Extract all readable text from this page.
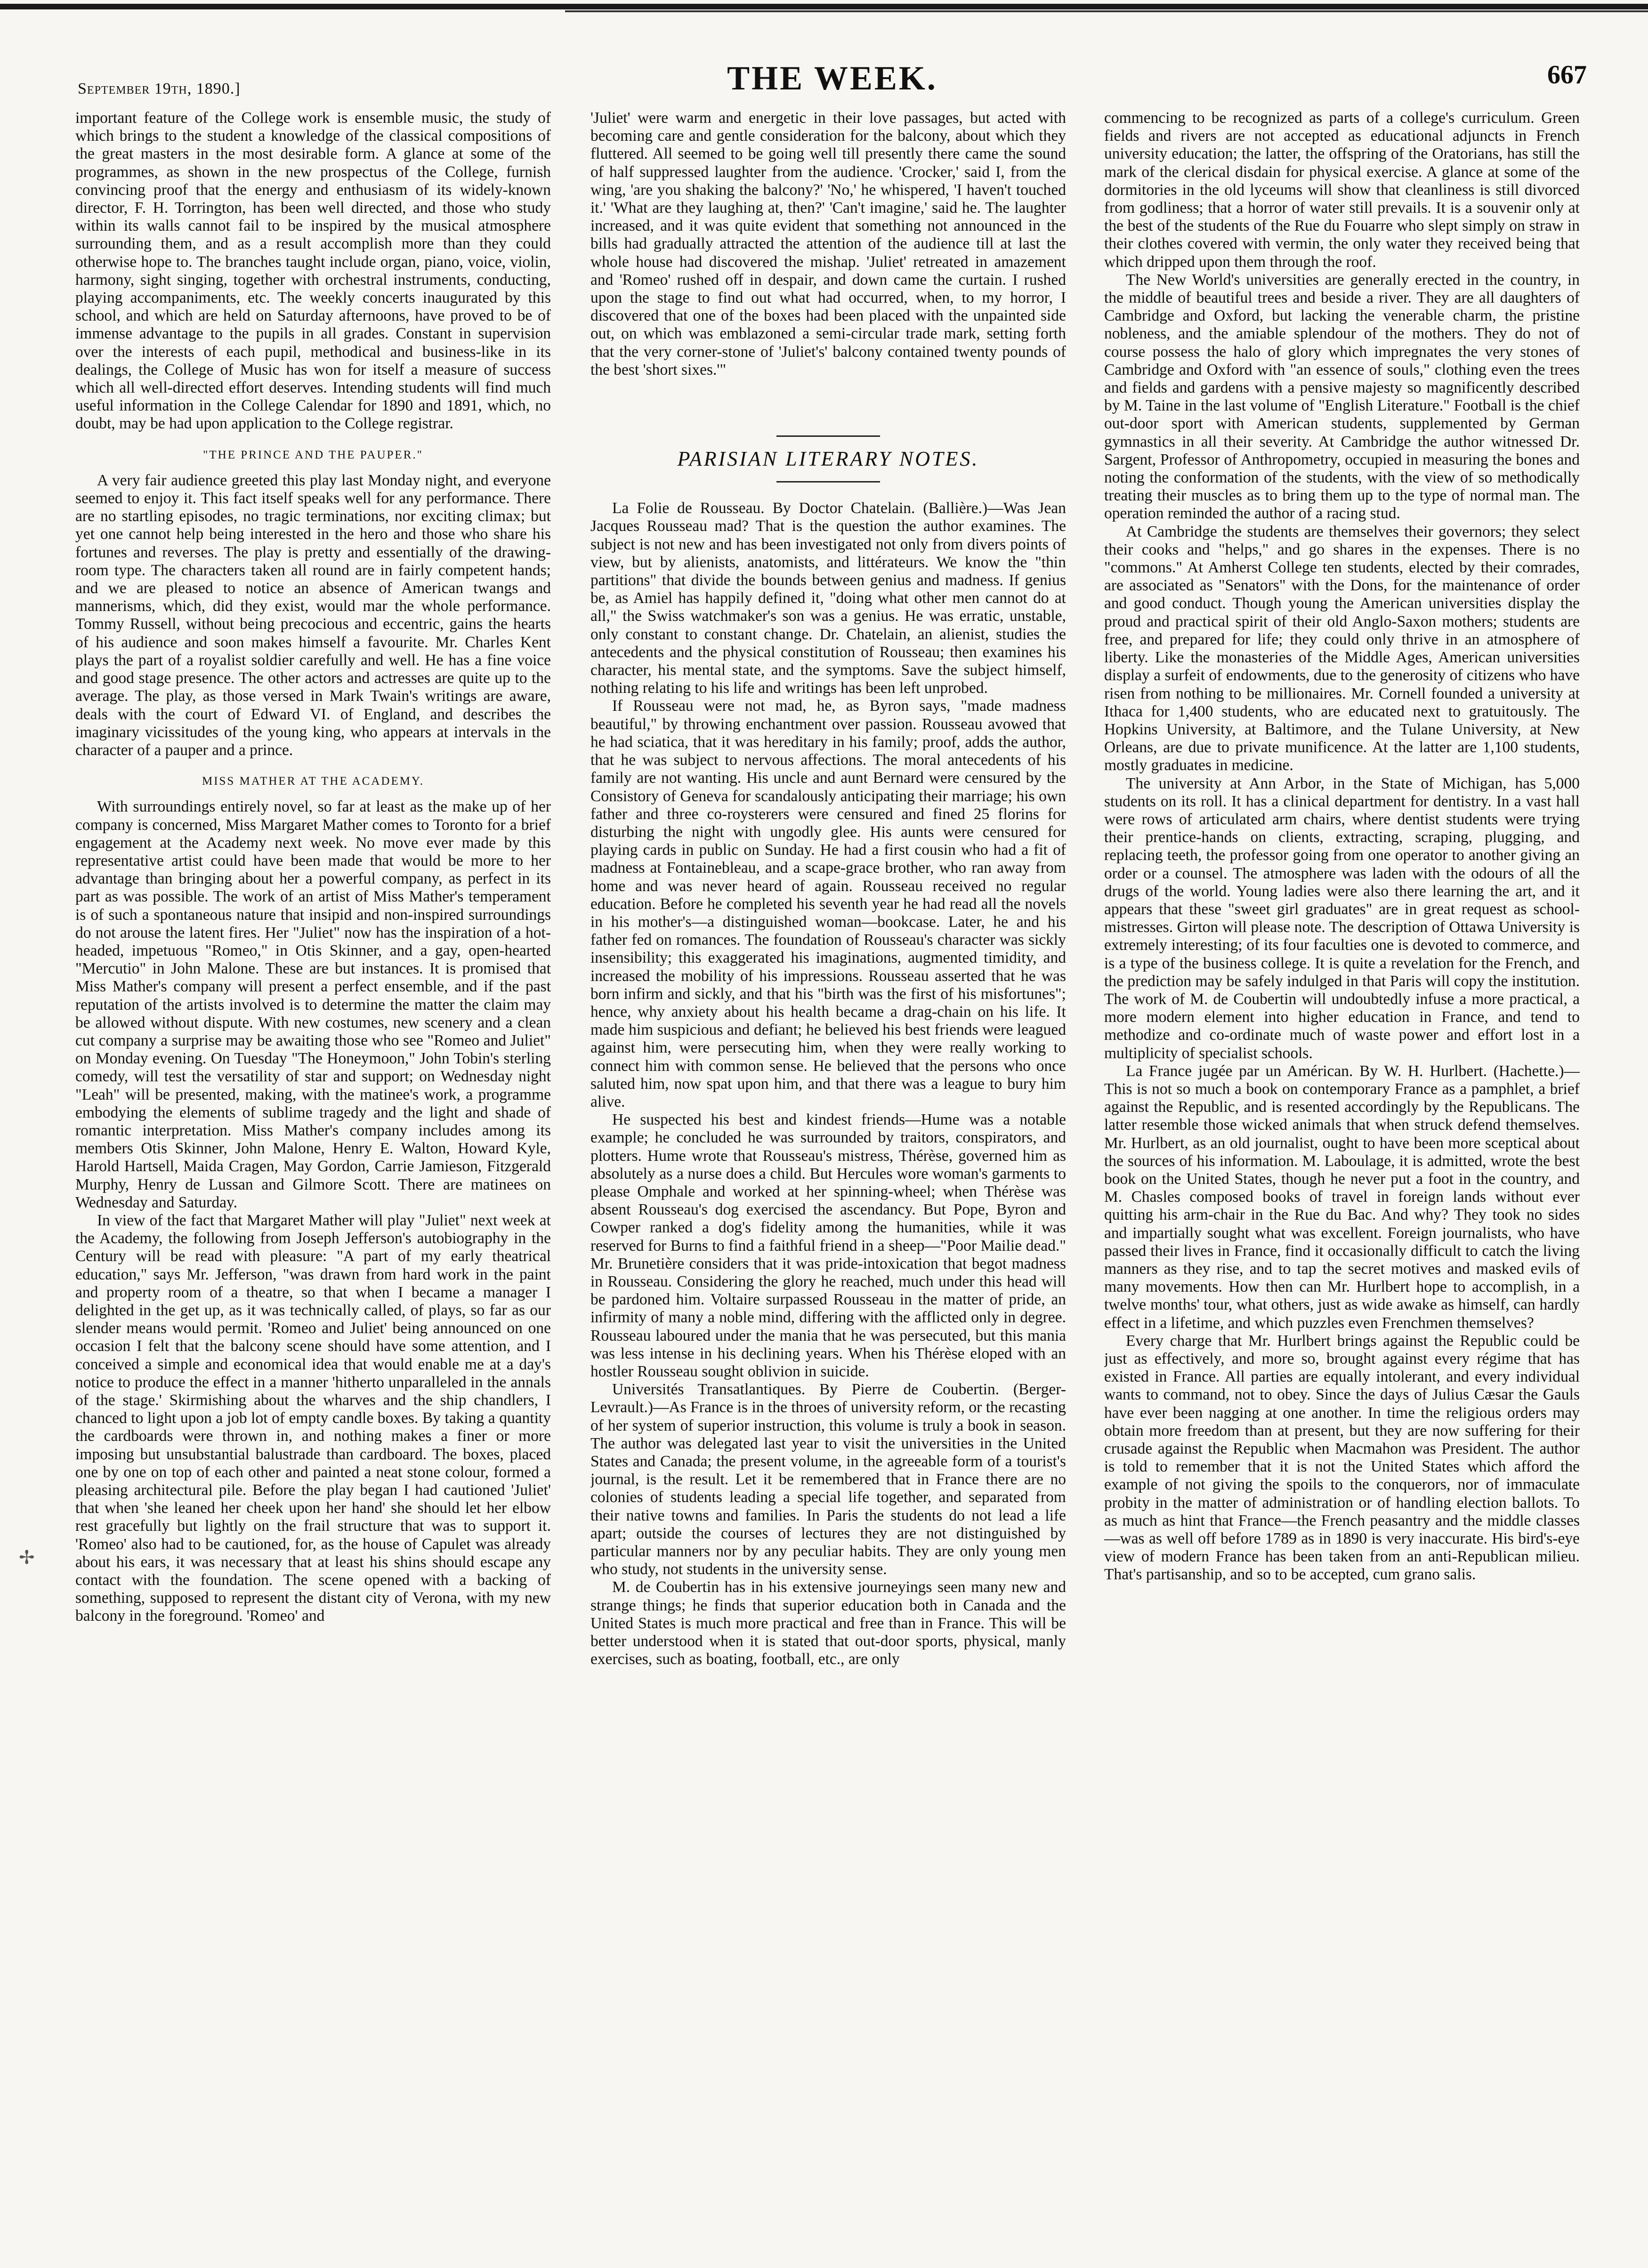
September 19th, 1890.]	THE WEEK.	667
✢

important feature of the College work is ensemble music, the study of which brings to the student a knowledge of the classical compositions of the great masters in the most desirable form. A glance at some of the programmes, as shown in the new prospectus of the College, furnish convincing proof that the energy and enthusiasm of its widely-known director, F. H. Torrington, has been well directed, and those who study within its walls cannot fail to be inspired by the musical atmosphere surrounding them, and as a result accomplish more than they could otherwise hope to. The branches taught include organ, piano, voice, violin, harmony, sight singing, together with orchestral instruments, conducting, playing accompaniments, etc. The weekly concerts inaugurated by this school, and which are held on Saturday afternoons, have proved to be of immense advantage to the pupils in all grades. Constant in supervision over the interests of each pupil, methodical and business-like in its dealings, the College of Music has won for itself a measure of success which all well-directed effort deserves. Intending students will find much useful information in the College Calendar for 1890 and 1891, which, no doubt, may be had upon application to the College registrar.

"THE PRINCE AND THE PAUPER."

A very fair audience greeted this play last Monday night, and everyone seemed to enjoy it. This fact itself speaks well for any performance. There are no startling episodes, no tragic terminations, nor exciting climax; but yet one cannot help being interested in the hero and those who share his fortunes and reverses. The play is pretty and essentially of the drawing-room type. The characters taken all round are in fairly competent hands; and we are pleased to notice an absence of American twangs and mannerisms, which, did they exist, would mar the whole performance. Tommy Russell, without being precocious and eccentric, gains the hearts of his audience and soon makes himself a favourite. Mr. Charles Kent plays the part of a royalist soldier carefully and well. He has a fine voice and good stage presence. The other actors and actresses are quite up to the average. The play, as those versed in Mark Twain's writings are aware, deals with the court of Edward VI. of England, and describes the imaginary vicissitudes of the young king, who appears at intervals in the character of a pauper and a prince.

MISS MATHER AT THE ACADEMY.

With surroundings entirely novel, so far at least as the make up of her company is concerned, Miss Margaret Mather comes to Toronto for a brief engagement at the Academy next week. No move ever made by this representative artist could have been made that would be more to her advantage than bringing about her a powerful company, as perfect in its part as was possible. The work of an artist of Miss Mather's temperament is of such a spontaneous nature that insipid and non-inspired surroundings do not arouse the latent fires. Her "Juliet" now has the inspiration of a hot-headed, impetuous "Romeo," in Otis Skinner, and a gay, open-hearted "Mercutio" in John Malone. These are but instances. It is promised that Miss Mather's company will present a perfect ensemble, and if the past reputation of the artists involved is to determine the matter the claim may be allowed without dispute. With new costumes, new scenery and a clean cut company a surprise may be awaiting those who see "Romeo and Juliet" on Monday evening. On Tuesday "The Honeymoon," John Tobin's sterling comedy, will test the versatility of star and support; on Wednesday night "Leah" will be presented, making, with the matinee's work, a programme embodying the elements of sublime tragedy and the light and shade of romantic interpretation. Miss Mather's company includes among its members Otis Skinner, John Malone, Henry E. Walton, Howard Kyle, Harold Hartsell, Maida Cragen, May Gordon, Carrie Jamieson, Fitzgerald Murphy, Henry de Lussan and Gilmore Scott. There are matinees on Wednesday and Saturday.

In view of the fact that Margaret Mather will play "Juliet" next week at the Academy, the following from Joseph Jefferson's autobiography in the Century will be read with pleasure: "A part of my early theatrical education," says Mr. Jefferson, "was drawn from hard work in the paint and property room of a theatre, so that when I became a manager I delighted in the get up, as it was technically called, of plays, so far as our slender means would permit. 'Romeo and Juliet' being announced on one occasion I felt that the balcony scene should have some attention, and I conceived a simple and economical idea that would enable me at a day's notice to produce the effect in a manner 'hitherto unparalleled in the annals of the stage.' Skirmishing about the wharves and the ship chandlers, I chanced to light upon a job lot of empty candle boxes. By taking a quantity the cardboards were thrown in, and nothing makes a finer or more imposing but unsubstantial balustrade than cardboard. The boxes, placed one by one on top of each other and painted a neat stone colour, formed a pleasing architectural pile. Before the play began I had cautioned 'Juliet' that when 'she leaned her cheek upon her hand' she should let her elbow rest gracefully but lightly on the frail structure that was to support it. 'Romeo' also had to be cautioned, for, as the house of Capulet was already about his ears, it was necessary that at least his shins should escape any contact with the foundation. The scene opened with a backing of something, supposed to represent the distant city of Verona, with my new balcony in the foreground. 'Romeo' and

'Juliet' were warm and energetic in their love passages, but acted with becoming care and gentle consideration for the balcony, about which they fluttered. All seemed to be going well till presently there came the sound of half suppressed laughter from the audience. 'Crocker,' said I, from the wing, 'are you shaking the balcony?' 'No,' he whispered, 'I haven't touched it.' 'What are they laughing at, then?' 'Can't imagine,' said he. The laughter increased, and it was quite evident that something not announced in the bills had gradually attracted the attention of the audience till at last the whole house had discovered the mishap. 'Juliet' retreated in amazement and 'Romeo' rushed off in despair, and down came the curtain. I rushed upon the stage to find out what had occurred, when, to my horror, I discovered that one of the boxes had been placed with the unpainted side out, on which was emblazoned a semi-circular trade mark, setting forth that the very corner-stone of 'Juliet's' balcony contained twenty pounds of the best 'short sixes.'"

PARISIAN LITERARY NOTES.

La Folie de Rousseau. By Doctor Chatelain. (Ballière.)—Was Jean Jacques Rousseau mad? That is the question the author examines. The subject is not new and has been investigated not only from divers points of view, but by alienists, anatomists, and littérateurs. We know the "thin partitions" that divide the bounds between genius and madness. If genius be, as Amiel has happily defined it, "doing what other men cannot do at all," the Swiss watchmaker's son was a genius. He was erratic, unstable, only constant to constant change. Dr. Chatelain, an alienist, studies the antecedents and the physical constitution of Rousseau; then examines his character, his mental state, and the symptoms. Save the subject himself, nothing relating to his life and writings has been left unprobed.

If Rousseau were not mad, he, as Byron says, "made madness beautiful," by throwing enchantment over passion. Rousseau avowed that he had sciatica, that it was hereditary in his family; proof, adds the author, that he was subject to nervous affections. The moral antecedents of his family are not wanting. His uncle and aunt Bernard were censured by the Consistory of Geneva for scandalously anticipating their marriage; his own father and three co-roysterers were censured and fined 25 florins for disturbing the night with ungodly glee. His aunts were censured for playing cards in public on Sunday. He had a first cousin who had a fit of madness at Fontainebleau, and a scape-grace brother, who ran away from home and was never heard of again. Rousseau received no regular education. Before he completed his seventh year he had read all the novels in his mother's—a distinguished woman—bookcase. Later, he and his father fed on romances. The foundation of Rousseau's character was sickly insensibility; this exaggerated his imaginations, augmented timidity, and increased the mobility of his impressions. Rousseau asserted that he was born infirm and sickly, and that his "birth was the first of his misfortunes"; hence, why anxiety about his health became a drag-chain on his life. It made him suspicious and defiant; he believed his best friends were leagued against him, were persecuting him, when they were really working to connect him with common sense. He believed that the persons who once saluted him, now spat upon him, and that there was a league to bury him alive.

He suspected his best and kindest friends—Hume was a notable example; he concluded he was surrounded by traitors, conspirators, and plotters. Hume wrote that Rousseau's mistress, Thérèse, governed him as absolutely as a nurse does a child. But Hercules wore woman's garments to please Omphale and worked at her spinning-wheel; when Thérèse was absent Rousseau's dog exercised the ascendancy. But Pope, Byron and Cowper ranked a dog's fidelity among the humanities, while it was reserved for Burns to find a faithful friend in a sheep—"Poor Mailie dead." Mr. Brunetière considers that it was pride-intoxication that begot madness in Rousseau. Considering the glory he reached, much under this head will be pardoned him. Voltaire surpassed Rousseau in the matter of pride, an infirmity of many a noble mind, differing with the afflicted only in degree. Rousseau laboured under the mania that he was persecuted, but this mania was less intense in his declining years. When his Thérèse eloped with an hostler Rousseau sought oblivion in suicide.

Universités Transatlantiques. By Pierre de Coubertin. (Berger-Levrault.)—As France is in the throes of university reform, or the recasting of her system of superior instruction, this volume is truly a book in season. The author was delegated last year to visit the universities in the United States and Canada; the present volume, in the agreeable form of a tourist's journal, is the result. Let it be remembered that in France there are no colonies of students leading a special life together, and separated from their native towns and families. In Paris the students do not lead a life apart; outside the courses of lectures they are not distinguished by particular manners nor by any peculiar habits. They are only young men who study, not students in the university sense.

M. de Coubertin has in his extensive journeyings seen many new and strange things; he finds that superior education both in Canada and the United States is much more practical and free than in France. This will be better understood when it is stated that out-door sports, physical, manly exercises, such as boating, football, etc., are only

commencing to be recognized as parts of a college's curriculum. Green fields and rivers are not accepted as educational adjuncts in French university education; the latter, the offspring of the Oratorians, has still the mark of the clerical disdain for physical exercise. A glance at some of the dormitories in the old lyceums will show that cleanliness is still divorced from godliness; that a horror of water still prevails. It is a souvenir only at the best of the students of the Rue du Fouarre who slept simply on straw in their clothes covered with vermin, the only water they received being that which dripped upon them through the roof.

The New World's universities are generally erected in the country, in the middle of beautiful trees and beside a river. They are all daughters of Cambridge and Oxford, but lacking the venerable charm, the pristine nobleness, and the amiable splendour of the mothers. They do not of course possess the halo of glory which impregnates the very stones of Cambridge and Oxford with "an essence of souls," clothing even the trees and fields and gardens with a pensive majesty so magnificently described by M. Taine in the last volume of "English Literature." Football is the chief out-door sport with American students, supplemented by German gymnastics in all their severity. At Cambridge the author witnessed Dr. Sargent, Professor of Anthropometry, occupied in measuring the bones and noting the conformation of the students, with the view of so methodically treating their muscles as to bring them up to the type of normal man. The operation reminded the author of a racing stud.

At Cambridge the students are themselves their governors; they select their cooks and "helps," and go shares in the expenses. There is no "commons." At Amherst College ten students, elected by their comrades, are associated as "Senators" with the Dons, for the maintenance of order and good conduct. Though young the American universities display the proud and practical spirit of their old Anglo-Saxon mothers; students are free, and prepared for life; they could only thrive in an atmosphere of liberty. Like the monasteries of the Middle Ages, American universities display a surfeit of endowments, due to the generosity of citizens who have risen from nothing to be millionaires. Mr. Cornell founded a university at Ithaca for 1,400 students, who are educated next to gratuitously. The Hopkins University, at Baltimore, and the Tulane University, at New Orleans, are due to private munificence. At the latter are 1,100 students, mostly graduates in medicine.

The university at Ann Arbor, in the State of Michigan, has 5,000 students on its roll. It has a clinical department for dentistry. In a vast hall were rows of articulated arm chairs, where dentist students were trying their prentice-hands on clients, extracting, scraping, plugging, and replacing teeth, the professor going from one operator to another giving an order or a counsel. The atmosphere was laden with the odours of all the drugs of the world. Young ladies were also there learning the art, and it appears that these "sweet girl graduates" are in great request as school-mistresses. Girton will please note. The description of Ottawa University is extremely interesting; of its four faculties one is devoted to commerce, and is a type of the business college. It is quite a revelation for the French, and the prediction may be safely indulged in that Paris will copy the institution. The work of M. de Coubertin will undoubtedly infuse a more practical, a more modern element into higher education in France, and tend to methodize and co-ordinate much of waste power and effort lost in a multiplicity of specialist schools.

La France jugée par un Américan. By W. H. Hurlbert. (Hachette.)—This is not so much a book on contemporary France as a pamphlet, a brief against the Republic, and is resented accordingly by the Republicans. The latter resemble those wicked animals that when struck defend themselves. Mr. Hurlbert, as an old journalist, ought to have been more sceptical about the sources of his information. M. Laboulage, it is admitted, wrote the best book on the United States, though he never put a foot in the country, and M. Chasles composed books of travel in foreign lands without ever quitting his arm-chair in the Rue du Bac. And why? They took no sides and impartially sought what was excellent. Foreign journalists, who have passed their lives in France, find it occasionally difficult to catch the living manners as they rise, and to tap the secret motives and masked evils of many movements. How then can Mr. Hurlbert hope to accomplish, in a twelve months' tour, what others, just as wide awake as himself, can hardly effect in a lifetime, and which puzzles even Frenchmen themselves?

Every charge that Mr. Hurlbert brings against the Republic could be just as effectively, and more so, brought against every régime that has existed in France. All parties are equally intolerant, and every individual wants to command, not to obey. Since the days of Julius Cæsar the Gauls have ever been nagging at one another. In time the religious orders may obtain more freedom than at present, but they are now suffering for their crusade against the Republic when Macmahon was President. The author is told to remember that it is not the United States which afford the example of not giving the spoils to the conquerors, nor of immaculate probity in the matter of administration or of handling election ballots. To as much as hint that France—the French peasantry and the middle classes—was as well off before 1789 as in 1890 is very inaccurate. His bird's-eye view of modern France has been taken from an anti-Republican milieu. That's partisanship, and so to be accepted, cum grano salis.
